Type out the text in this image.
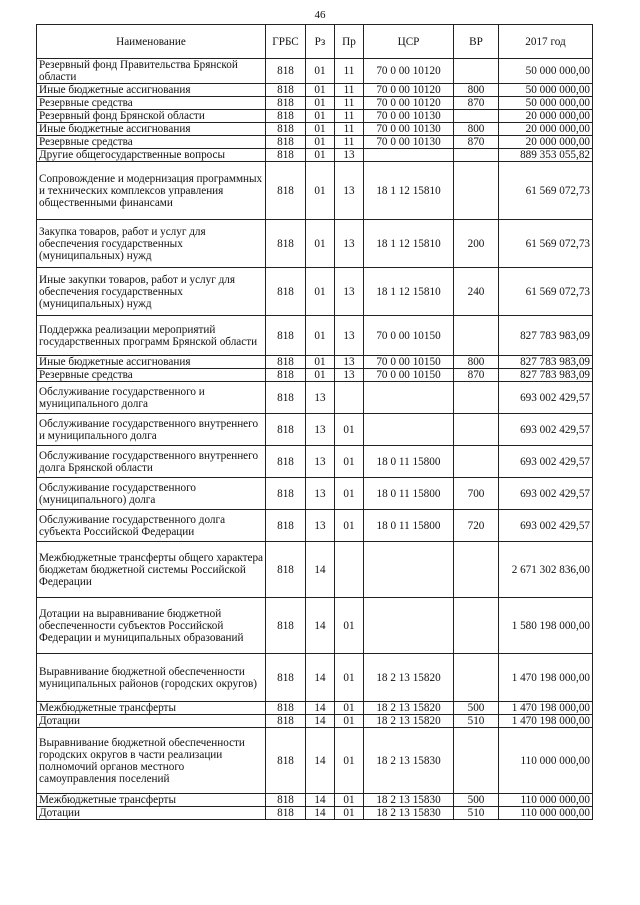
46
Наименование	ГРБС	Рз	Пр	ЦСР	ВР	2017 год
Резервный фонд Правительства Брянской области	818	01	11	70 0 00 10120		50 000 000,00
Иные бюджетные ассигнования	818	01	11	70 0 00 10120	800	50 000 000,00
Резервные средства	818	01	11	70 0 00 10120	870	50 000 000,00
Резервный фонд Брянской области	818	01	11	70 0 00 10130		20 000 000,00
Иные бюджетные ассигнования	818	01	11	70 0 00 10130	800	20 000 000,00
Резервные средства	818	01	11	70 0 00 10130	870	20 000 000,00
Другие общегосударственные вопросы	818	01	13			889 353 055,82
Сопровождение и модернизация программных и технических комплексов управления общественными финансами	818	01	13	18 1 12 15810		61 569 072,73
Закупка товаров, работ и услуг для обеспечения государственных (муниципальных) нужд	818	01	13	18 1 12 15810	200	61 569 072,73
Иные закупки товаров, работ и услуг для обеспечения государственных (муниципальных) нужд	818	01	13	18 1 12 15810	240	61 569 072,73
Поддержка реализации мероприятий государственных программ Брянской области	818	01	13	70 0 00 10150		827 783 983,09
Иные бюджетные ассигнования	818	01	13	70 0 00 10150	800	827 783 983,09
Резервные средства	818	01	13	70 0 00 10150	870	827 783 983,09
Обслуживание государственного и муниципального долга	818	13				693 002 429,57
Обслуживание государственного внутреннего и муниципального долга	818	13	01			693 002 429,57
Обслуживание государственного внутреннего долга Брянской области	818	13	01	18 0 11 15800		693 002 429,57
Обслуживание государственного (муниципального) долга	818	13	01	18 0 11 15800	700	693 002 429,57
Обслуживание государственного долга субъекта Российской Федерации	818	13	01	18 0 11 15800	720	693 002 429,57
Межбюджетные трансферты общего характера бюджетам бюджетной системы Российской Федерации	818	14				2 671 302 836,00
Дотации на выравнивание бюджетной обеспеченности субъектов Российской Федерации и муниципальных образований	818	14	01			1 580 198 000,00
Выравнивание бюджетной обеспеченности муниципальных районов (городских округов)	818	14	01	18 2 13 15820		1 470 198 000,00
Межбюджетные трансферты	818	14	01	18 2 13 15820	500	1 470 198 000,00
Дотации	818	14	01	18 2 13 15820	510	1 470 198 000,00
Выравнивание бюджетной обеспеченности городских округов в части реализации полномочий органов местного самоуправления поселений	818	14	01	18 2 13 15830		110 000 000,00
Межбюджетные трансферты	818	14	01	18 2 13 15830	500	110 000 000,00
Дотации	818	14	01	18 2 13 15830	510	110 000 000,00
